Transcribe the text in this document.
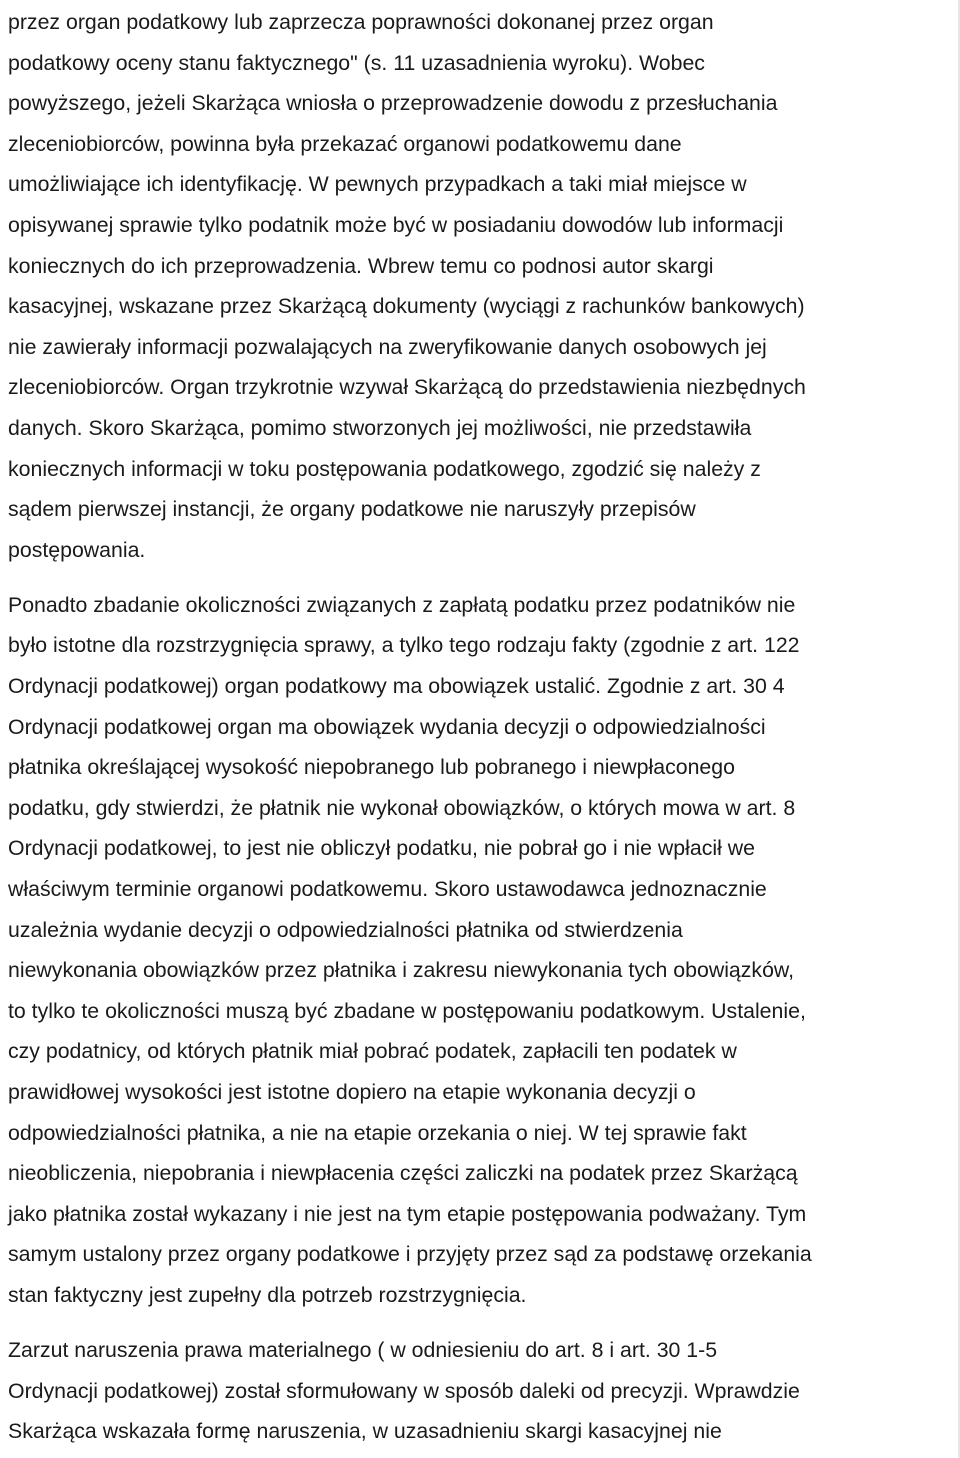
przez organ podatkowy lub zaprzecza poprawności dokonanej przez organ
podatkowy oceny stanu faktycznego" (s. 11 uzasadnienia wyroku). Wobec
powyższego, jeżeli Skarżąca wniosła o przeprowadzenie dowodu z przesłuchania
zleceniobiorców, powinna była przekazać organowi podatkowemu dane
umożliwiające ich identyfikację. W pewnych przypadkach a taki miał miejsce w
opisywanej sprawie tylko podatnik może być w posiadaniu dowodów lub informacji
koniecznych do ich przeprowadzenia. Wbrew temu co podnosi autor skargi
kasacyjnej, wskazane przez Skarżącą dokumenty (wyciągi z rachunków bankowych)
nie zawierały informacji pozwalających na zweryfikowanie danych osobowych jej
zleceniobiorców. Organ trzykrotnie wzywał Skarżącą do przedstawienia niezbędnych
danych. Skoro Skarżąca, pomimo stworzonych jej możliwości, nie przedstawiła
koniecznych informacji w toku postępowania podatkowego, zgodzić się należy z
sądem pierwszej instancji, że organy podatkowe nie naruszyły przepisów
postępowania.

Ponadto zbadanie okoliczności związanych z zapłatą podatku przez podatników nie
było istotne dla rozstrzygnięcia sprawy, a tylko tego rodzaju fakty (zgodnie z art. 122
Ordynacji podatkowej) organ podatkowy ma obowiązek ustalić. Zgodnie z art. 30 4
Ordynacji podatkowej organ ma obowiązek wydania decyzji o odpowiedzialności
płatnika określającej wysokość niepobranego lub pobranego i niewpłaconego
podatku, gdy stwierdzi, że płatnik nie wykonał obowiązków, o których mowa w art. 8
Ordynacji podatkowej, to jest nie obliczył podatku, nie pobrał go i nie wpłacił we
właściwym terminie organowi podatkowemu. Skoro ustawodawca jednoznacznie
uzależnia wydanie decyzji o odpowiedzialności płatnika od stwierdzenia
niewykonania obowiązków przez płatnika i zakresu niewykonania tych obowiązków,
to tylko te okoliczności muszą być zbadane w postępowaniu podatkowym. Ustalenie,
czy podatnicy, od których płatnik miał pobrać podatek, zapłacili ten podatek w
prawidłowej wysokości jest istotne dopiero na etapie wykonania decyzji o
odpowiedzialności płatnika, a nie na etapie orzekania o niej. W tej sprawie fakt
nieobliczenia, niepobrania i niewpłacenia części zaliczki na podatek przez Skarżącą
jako płatnika został wykazany i nie jest na tym etapie postępowania podważany. Tym
samym ustalony przez organy podatkowe i przyjęty przez sąd za podstawę orzekania
stan faktyczny jest zupełny dla potrzeb rozstrzygnięcia.

Zarzut naruszenia prawa materialnego ( w odniesieniu do art. 8 i art. 30 1-5
Ordynacji podatkowej) został sformułowany w sposób daleki od precyzji. Wprawdzie
Skarżąca wskazała formę naruszenia, w uzasadnieniu skargi kasacyjnej nie
